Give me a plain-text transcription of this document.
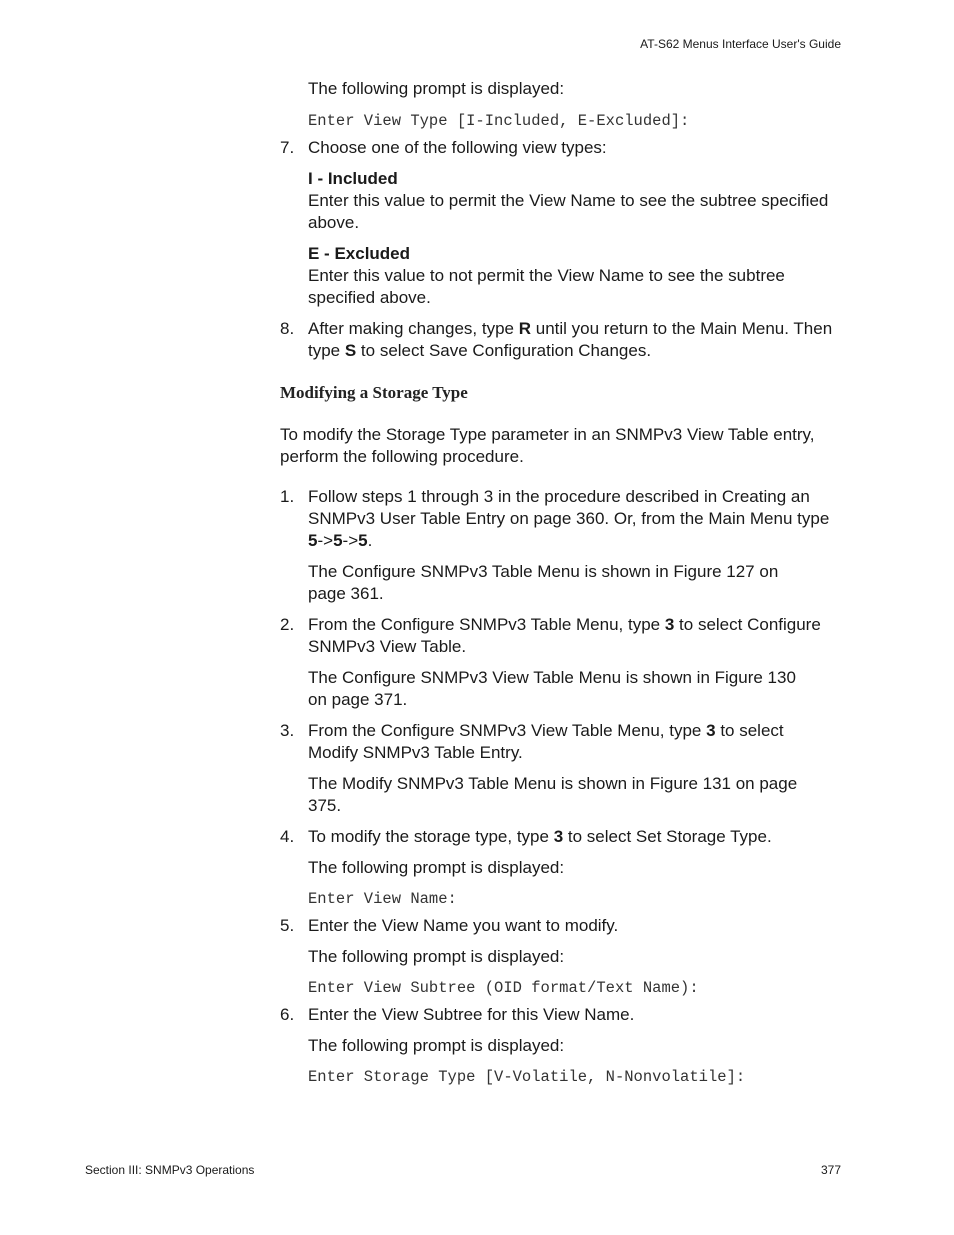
AT-S62 Menus Interface User's Guide
The following prompt is displayed:
Enter View Type [I-Included, E-Excluded]:
7. Choose one of the following view types:
I - Included
Enter this value to permit the View Name to see the subtree specified above.
E - Excluded
Enter this value to not permit the View Name to see the subtree specified above.
8. After making changes, type R until you return to the Main Menu. Then type S to select Save Configuration Changes.
Modifying a Storage Type
To modify the Storage Type parameter in an SNMPv3 View Table entry, perform the following procedure.
1. Follow steps 1 through 3 in the procedure described in Creating an SNMPv3 User Table Entry on page 360. Or, from the Main Menu type 5->5->5.
The Configure SNMPv3 Table Menu is shown in Figure 127 on page 361.
2. From the Configure SNMPv3 Table Menu, type 3 to select Configure SNMPv3 View Table.
The Configure SNMPv3 View Table Menu is shown in Figure 130 on page 371.
3. From the Configure SNMPv3 View Table Menu, type 3 to select Modify SNMPv3 Table Entry.
The Modify SNMPv3 Table Menu is shown in Figure 131 on page 375.
4. To modify the storage type, type 3 to select Set Storage Type.
The following prompt is displayed:
Enter View Name:
5. Enter the View Name you want to modify.
The following prompt is displayed:
Enter View Subtree (OID format/Text Name):
6. Enter the View Subtree for this View Name.
The following prompt is displayed:
Enter Storage Type [V-Volatile, N-Nonvolatile]:
Section III: SNMPv3 Operations	377
